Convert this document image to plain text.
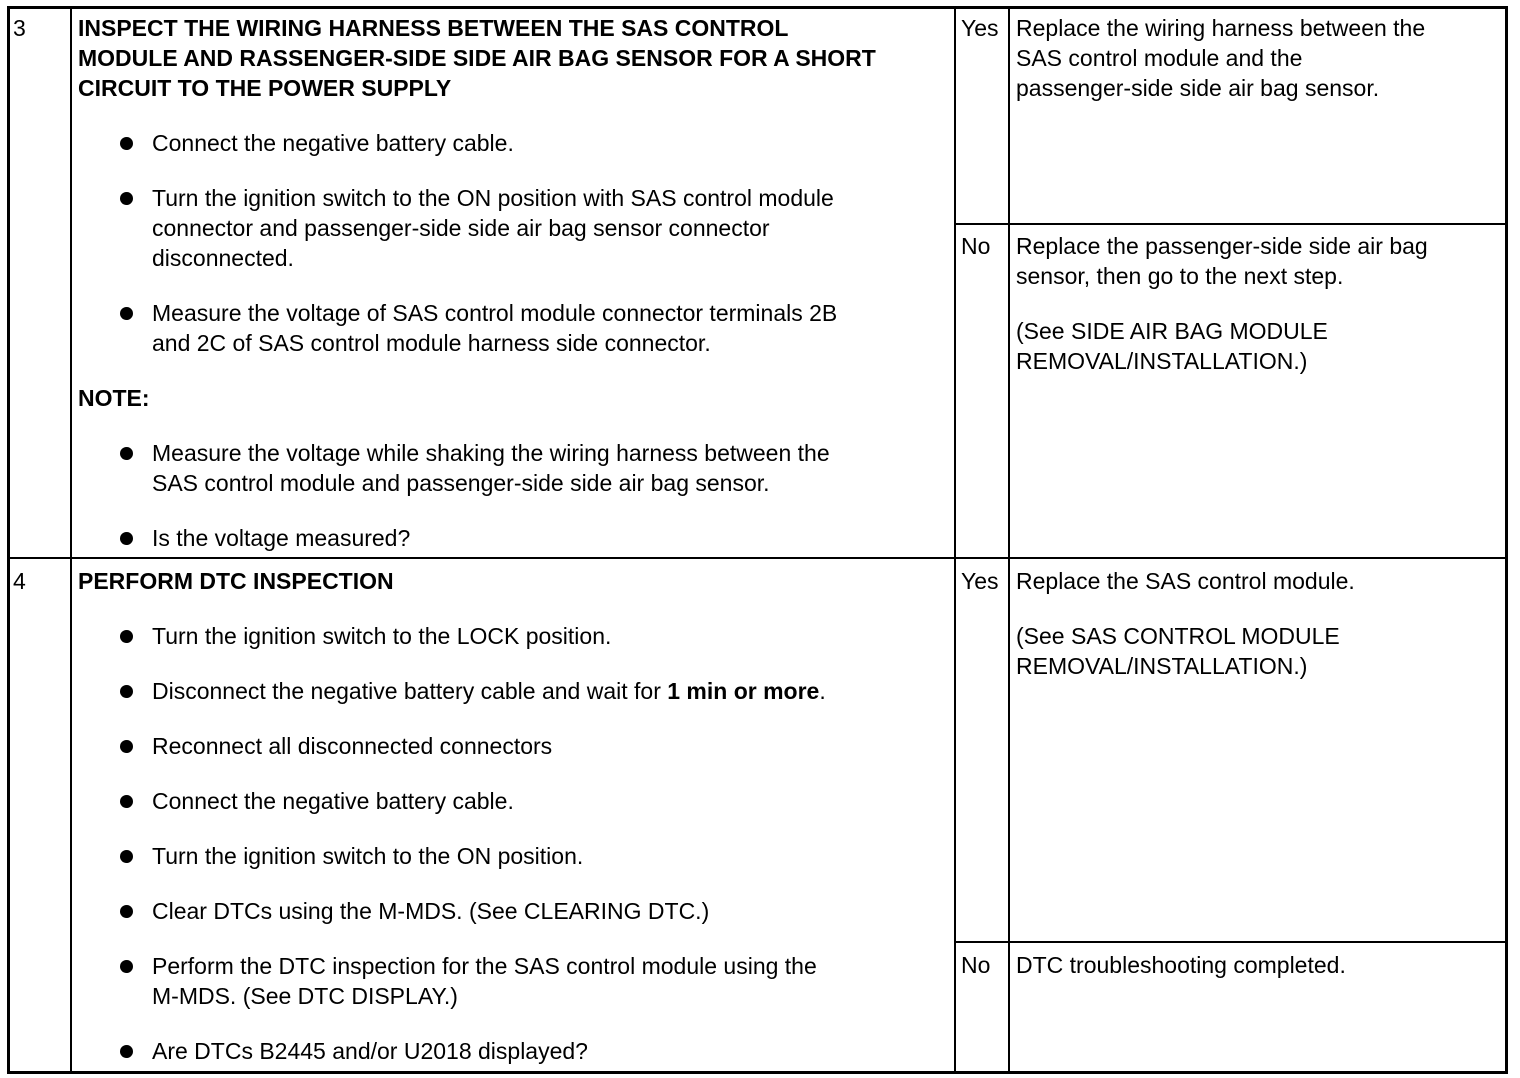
3 INSPECT THE WIRING HARNESS BETWEEN THE SAS CONTROL
MODULE AND RASSENGER-SIDE SIDE AIR BAG SENSOR FOR A SHORT
CIRCUIT TO THE POWER SUPPLY
Connect the negative battery cable.
Turn the ignition switch to the ON position with SAS control module
connector and passenger-side side air bag sensor connector
disconnected.
Measure the voltage of SAS control module connector terminals 2B
and 2C of SAS control module harness side connector.
NOTE:
Measure the voltage while shaking the wiring harness between the
SAS control module and passenger-side side air bag sensor.
Is the voltage measured?
Yes Replace the wiring harness between the
SAS control module and the
passenger-side side air bag sensor.
No Replace the passenger-side side air bag
sensor, then go to the next step.
(See SIDE AIR BAG MODULE
REMOVAL/INSTALLATION.)
4 PERFORM DTC INSPECTION
Turn the ignition switch to the LOCK position.
Disconnect the negative battery cable and wait for 1 min or more.
Reconnect all disconnected connectors
Connect the negative battery cable.
Turn the ignition switch to the ON position.
Clear DTCs using the M-MDS. (See CLEARING DTC.)
Perform the DTC inspection for the SAS control module using the
M-MDS. (See DTC DISPLAY.)
Are DTCs B2445 and/or U2018 displayed?
Yes Replace the SAS control module.
(See SAS CONTROL MODULE
REMOVAL/INSTALLATION.)
No DTC troubleshooting completed.
